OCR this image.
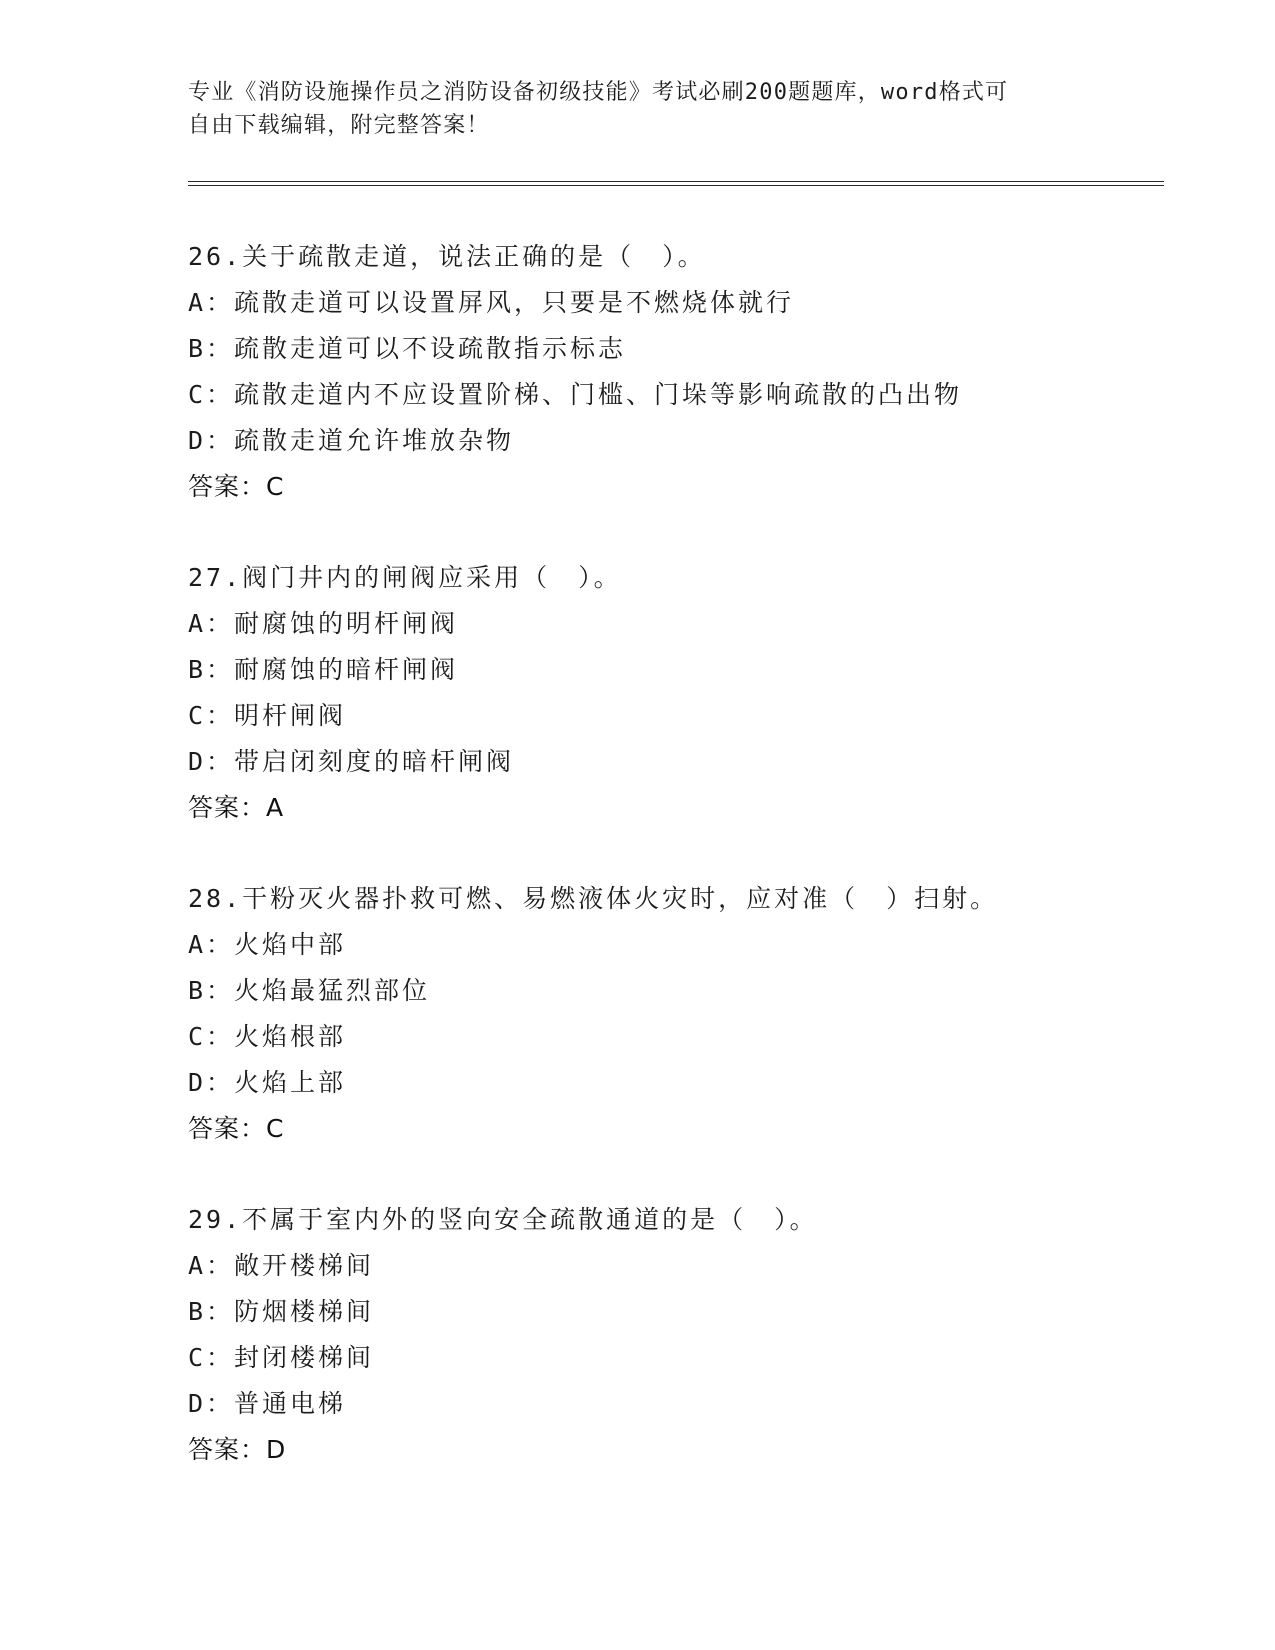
专业《消防设施操作员之消防设备初级技能》考试必刷200题题库，word格式可
自由下载编辑，附完整答案！
26.关于疏散走道，说法正确的是（　）。
A：疏散走道可以设置屏风，只要是不燃烧体就行
B：疏散走道可以不设疏散指示标志
C：疏散走道内不应设置阶梯、门槛、门垛等影响疏散的凸出物
D：疏散走道允许堆放杂物
答案：C
27.阀门井内的闸阀应采用（　）。
A：耐腐蚀的明杆闸阀
B：耐腐蚀的暗杆闸阀
C：明杆闸阀
D：带启闭刻度的暗杆闸阀
答案：A
28.干粉灭火器扑救可燃、易燃液体火灾时，应对准（　）扫射。
A：火焰中部
B：火焰最猛烈部位
C：火焰根部
D：火焰上部
答案：C
29.不属于室内外的竖向安全疏散通道的是（　）。
A：敞开楼梯间
B：防烟楼梯间
C：封闭楼梯间
D：普通电梯
答案：D
